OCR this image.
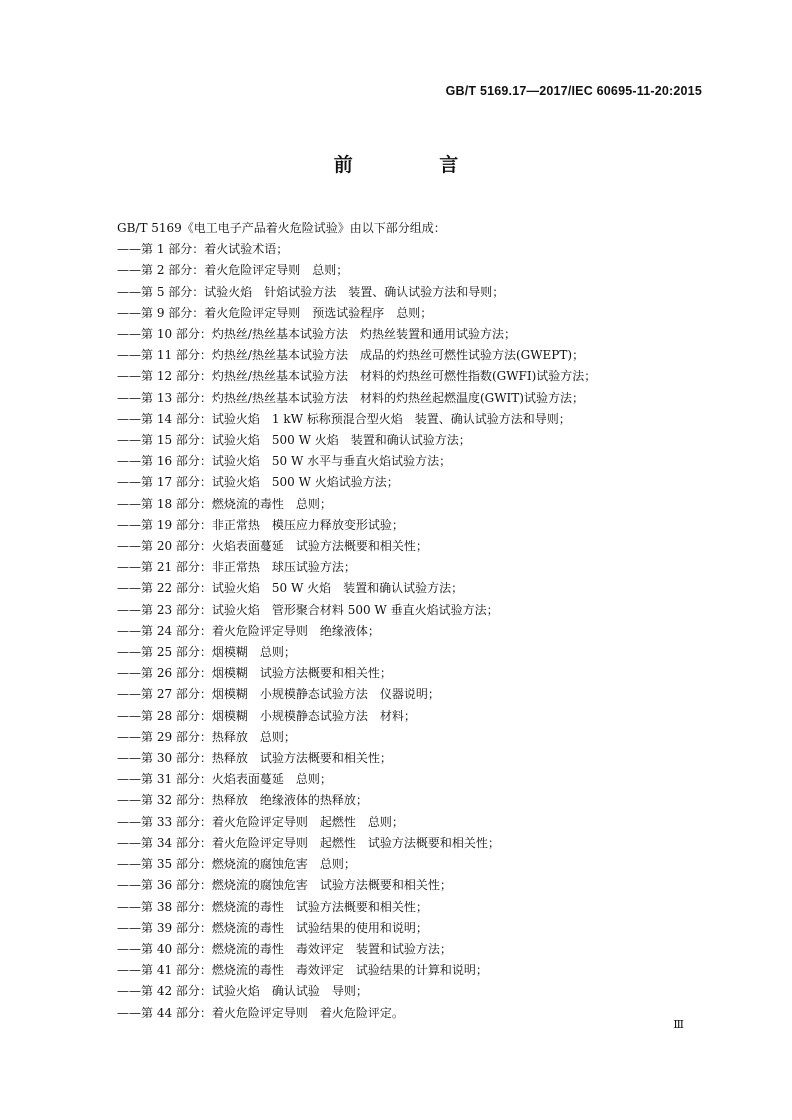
GB/T 5169.17—2017/IEC 60695-11-20:2015
前 言

GB/T 5169《电工电子产品着火危险试验》由以下部分组成：

——第 1 部分：着火试验术语；

——第 2 部分：着火危险评定导则　总则；

——第 5 部分：试验火焰　针焰试验方法　装置、确认试验方法和导则；

——第 9 部分：着火危险评定导则　预选试验程序　总则；

——第 10 部分：灼热丝/热丝基本试验方法　灼热丝装置和通用试验方法；

——第 11 部分：灼热丝/热丝基本试验方法　成品的灼热丝可燃性试验方法(GWEPT)；

——第 12 部分：灼热丝/热丝基本试验方法　材料的灼热丝可燃性指数(GWFI)试验方法；

——第 13 部分：灼热丝/热丝基本试验方法　材料的灼热丝起燃温度(GWIT)试验方法；

——第 14 部分：试验火焰　1 kW 标称预混合型火焰　装置、确认试验方法和导则；

——第 15 部分：试验火焰　500 W 火焰　装置和确认试验方法；

——第 16 部分：试验火焰　50 W 水平与垂直火焰试验方法；

——第 17 部分：试验火焰　500 W 火焰试验方法；

——第 18 部分：燃烧流的毒性　总则；

——第 19 部分：非正常热　模压应力释放变形试验；

——第 20 部分：火焰表面蔓延　试验方法概要和相关性；

——第 21 部分：非正常热　球压试验方法；

——第 22 部分：试验火焰　50 W 火焰　装置和确认试验方法；

——第 23 部分：试验火焰　管形聚合材料 500 W 垂直火焰试验方法；

——第 24 部分：着火危险评定导则　绝缘液体；

——第 25 部分：烟模糊　总则；

——第 26 部分：烟模糊　试验方法概要和相关性；

——第 27 部分：烟模糊　小规模静态试验方法　仪器说明；

——第 28 部分：烟模糊　小规模静态试验方法　材料；

——第 29 部分：热释放　总则；

——第 30 部分：热释放　试验方法概要和相关性；

——第 31 部分：火焰表面蔓延　总则；

——第 32 部分：热释放　绝缘液体的热释放；

——第 33 部分：着火危险评定导则　起燃性　总则；

——第 34 部分：着火危险评定导则　起燃性　试验方法概要和相关性；

——第 35 部分：燃烧流的腐蚀危害　总则；

——第 36 部分：燃烧流的腐蚀危害　试验方法概要和相关性；

——第 38 部分：燃烧流的毒性　试验方法概要和相关性；

——第 39 部分：燃烧流的毒性　试验结果的使用和说明；

——第 40 部分：燃烧流的毒性　毒效评定　装置和试验方法；

——第 41 部分：燃烧流的毒性　毒效评定　试验结果的计算和说明；

——第 42 部分：试验火焰　确认试验　导则；

——第 44 部分：着火危险评定导则　着火危险评定。

Ⅲ
